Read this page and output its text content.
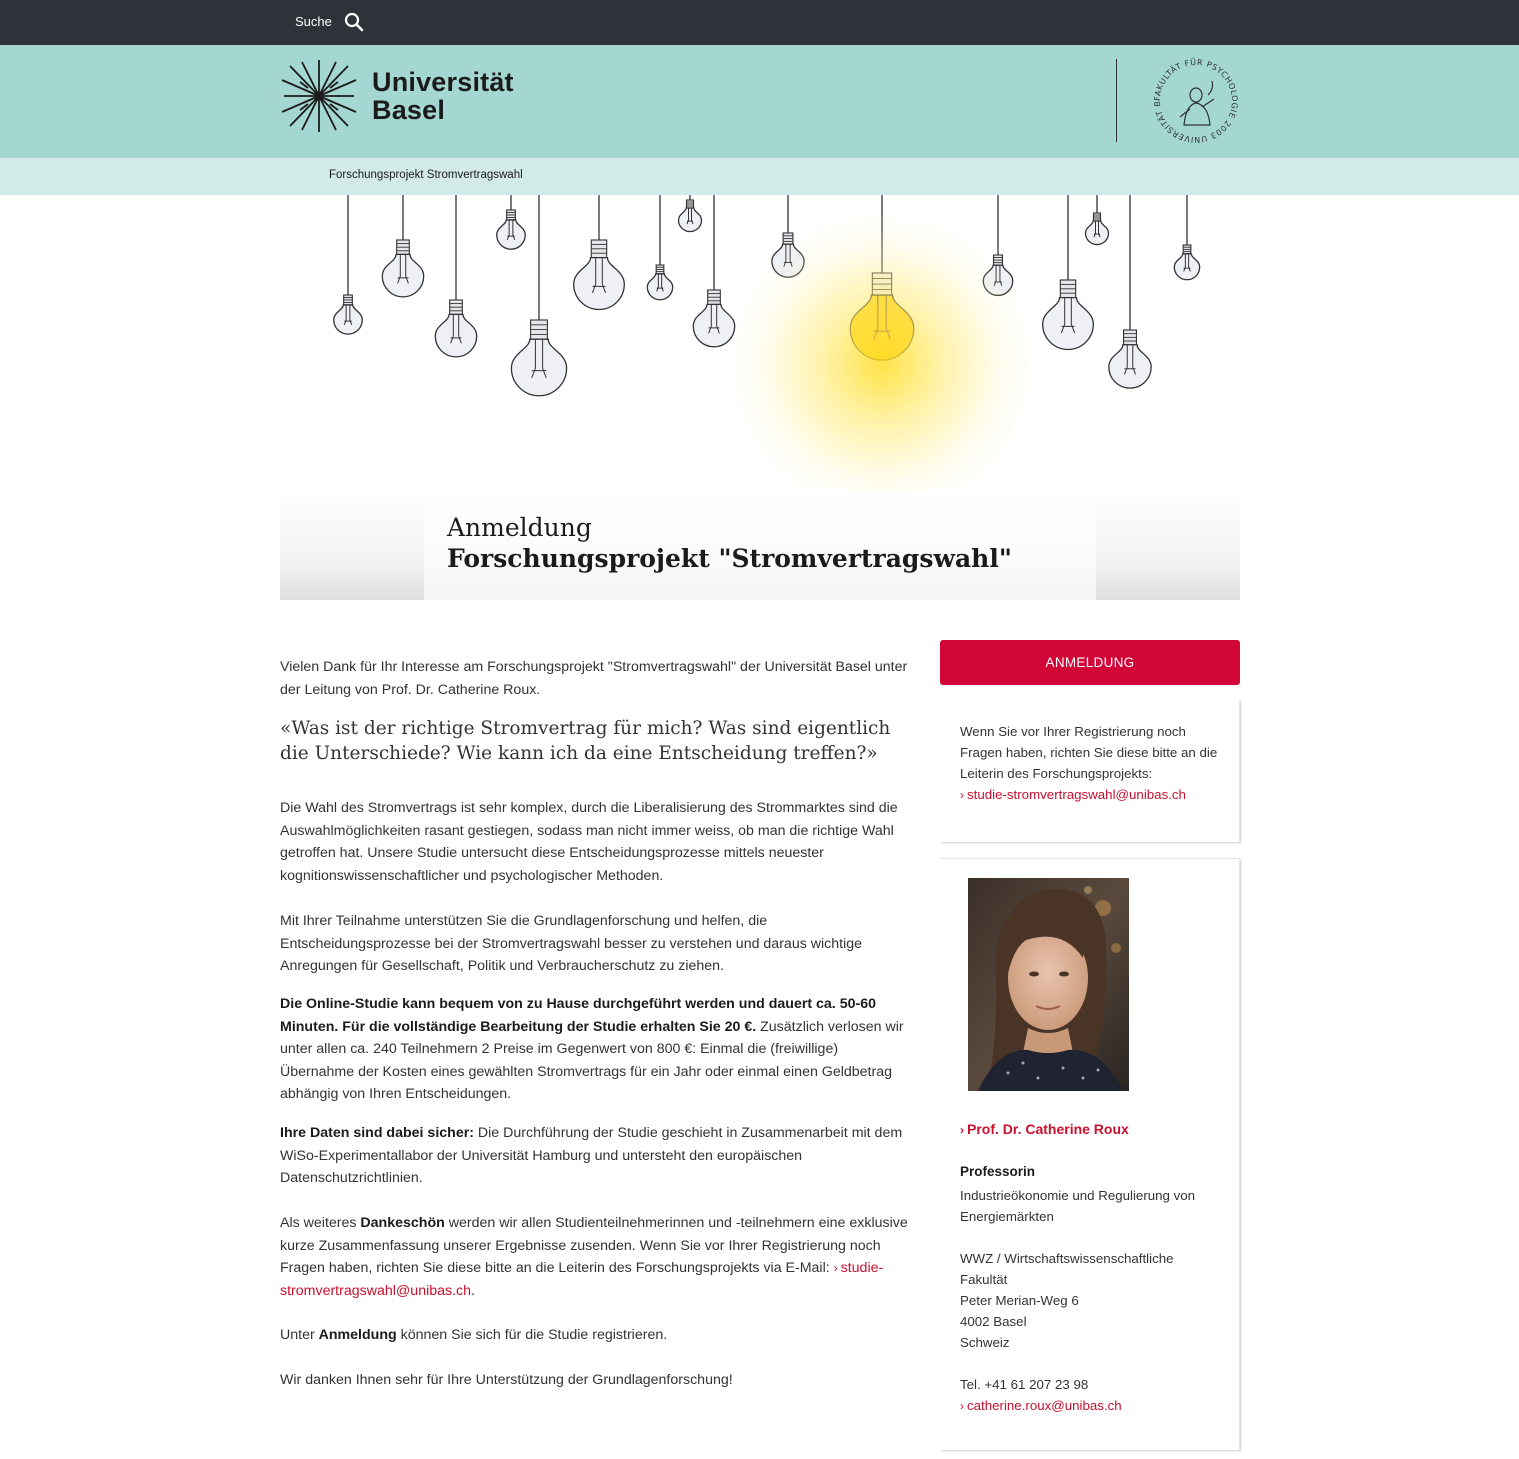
Suche
Universität
Basel	FAKULTÄT FÜR PSYCHOLOGIE 2003 UNIVERSITÄT B
Forschungsprojekt Stromvertragswahl
Anmeldung
Forschungsprojekt "Stromvertragswahl"

Vielen Dank für Ihr Interesse am Forschungsprojekt "Stromvertragswahl" der Universität Basel unter der Leitung von Prof. Dr. Catherine Roux.

«Was ist der richtige Stromvertrag für mich? Was sind eigentlich die Unterschiede? Wie kann ich da eine Entscheidung treffen?»

Die Wahl des Stromvertrags ist sehr komplex, durch die Liberalisierung des Strommarktes sind die Auswahlmöglichkeiten rasant gestiegen, sodass man nicht immer weiss, ob man die richtige Wahl getroffen hat. Unsere Studie untersucht diese Entscheidungsprozesse mittels neuester kognitionswissenschaftlicher und psychologischer Methoden.

Mit Ihrer Teilnahme unterstützen Sie die Grundlagenforschung und helfen, die Entscheidungsprozesse bei der Stromvertragswahl besser zu verstehen und daraus wichtige Anregungen für Gesellschaft, Politik und Verbraucherschutz zu ziehen.

Die Online-Studie kann bequem von zu Hause durchgeführt werden und dauert ca. 50-60 Minuten. Für die vollständige Bearbeitung der Studie erhalten Sie 20 €. Zusätzlich verlosen wir unter allen ca. 240 Teilnehmern 2 Preise im Gegenwert von 800 €: Einmal die (freiwillige) Übernahme der Kosten eines gewählten Stromvertrags für ein Jahr oder einmal einen Geldbetrag abhängig von Ihren Entscheidungen.

Ihre Daten sind dabei sicher: Die Durchführung der Studie geschieht in Zusammenarbeit mit dem WiSo-Experimentallabor der Universität Hamburg und untersteht den europäischen Datenschutzrichtlinien.

Als weiteres Dankeschön werden wir allen Studienteilnehmerinnen und -teilnehmern eine exklusive kurze Zusammenfassung unserer Ergebnisse zusenden. Wenn Sie vor Ihrer Registrierung noch Fragen haben, richten Sie diese bitte an die Leiterin des Forschungsprojekts via E-Mail: › studie-stromvertragswahl@unibas.ch.

Unter Anmeldung können Sie sich für die Studie registrieren.

Wir danken Ihnen sehr für Ihre Unterstützung der Grundlagenforschung!

ANMELDUNG

Wenn Sie vor Ihrer Registrierung noch Fragen haben, richten Sie diese bitte an die Leiterin des Forschungsprojekts:
› studie-stromvertragswahl@unibas.ch

› Prof. Dr. Catherine Roux
Professorin
Industrieökonomie und Regulierung von
Energiemärkten
WWZ / Wirtschaftswissenschaftliche
Fakultät
Peter Merian-Weg 6
4002 Basel
Schweiz
Tel. +41 61 207 23 98
› catherine.roux@unibas.ch
